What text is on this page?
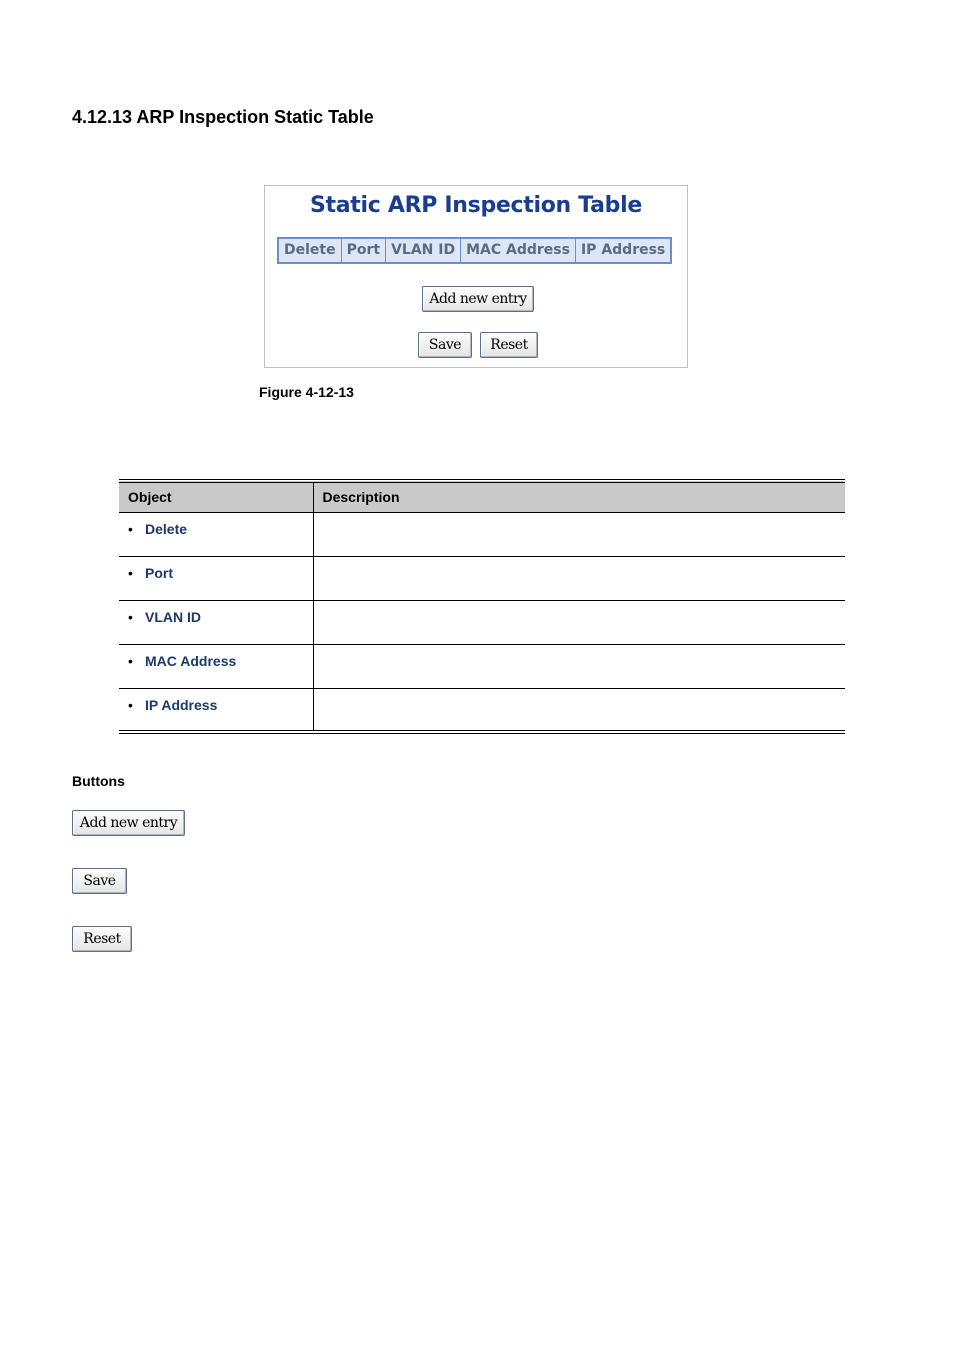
4.12.13 ARP Inspection Static Table
Static ARP Inspection Table
Delete Port VLAN ID MAC Address IP Address
Add new entry
Save	Reset

Figure 4-12-13

Object	Description
• Delete	
• Port	
• VLAN ID	
• MAC Address	
• IP Address	

Buttons

Add new entry
Save
Reset
